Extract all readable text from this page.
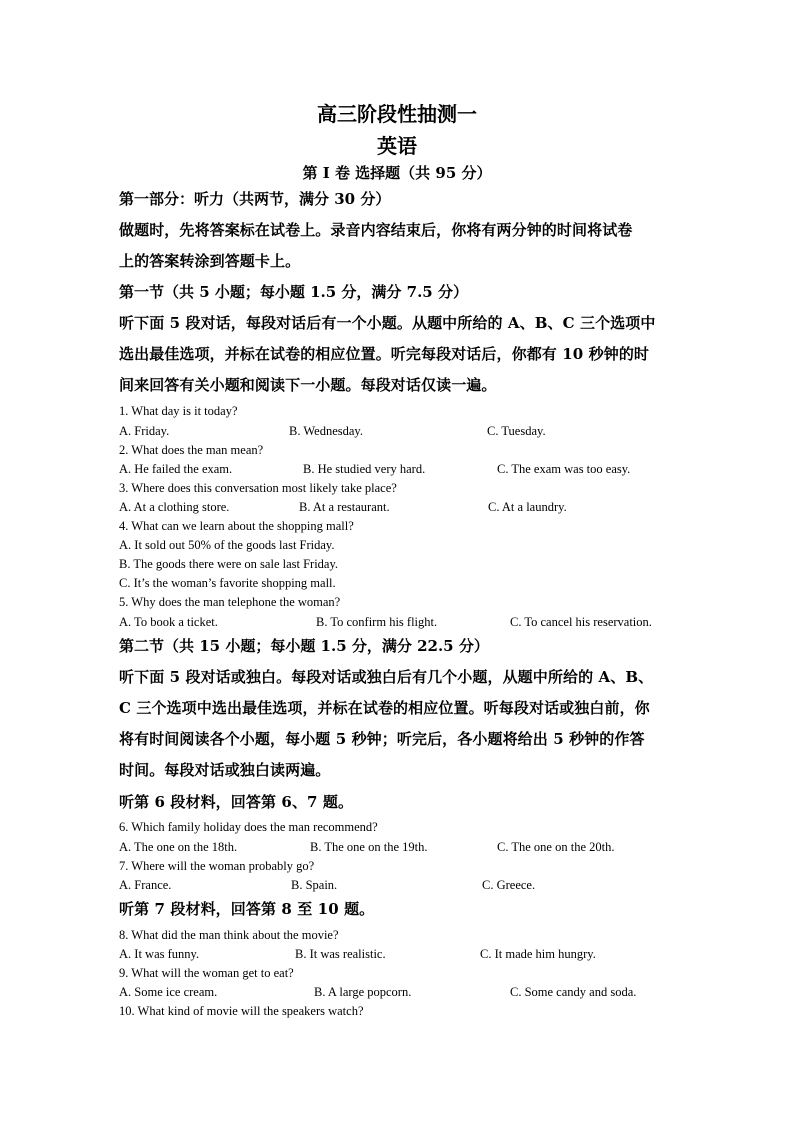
高三阶段性抽测一
英语
第 Ⅰ 卷 选择题（共 95 分）
第一部分：听力（共两节，满分 30 分）
做题时，先将答案标在试卷上。录音内容结束后，你将有两分钟的时间将试卷
上的答案转涂到答题卡上。
第一节（共 5 小题；每小题 1.5 分，满分 7.5 分）
听下面 5 段对话，每段对话后有一个小题。从题中所给的 A、B、C 三个选项中
选出最佳选项，并标在试卷的相应位置。听完每段对话后，你都有 10 秒钟的时
间来回答有关小题和阅读下一小题。每段对话仅读一遍。
1. What day is it today?
A. Friday.	B. Wednesday.	C. Tuesday.
2. What does the man mean?
A. He failed the exam.	B. He studied very hard.	C. The exam was too easy.
3. Where does this conversation most likely take place?
A. At a clothing store.	B. At a restaurant.	C. At a laundry.
4. What can we learn about the shopping mall?
A. It sold out 50% of the goods last Friday.
B. The goods there were on sale last Friday.
C. It’s the woman’s favorite shopping mall.
5. Why does the man telephone the woman?
A. To book a ticket.	B. To confirm his flight.	C. To cancel his reservation.
第二节（共 15 小题；每小题 1.5 分，满分 22.5 分）
听下面 5 段对话或独白。每段对话或独白后有几个小题，从题中所给的 A、B、
C 三个选项中选出最佳选项，并标在试卷的相应位置。听每段对话或独白前，你
将有时间阅读各个小题，每小题 5 秒钟；听完后，各小题将给出 5 秒钟的作答
时间。每段对话或独白读两遍。
听第 6 段材料，回答第 6、7 题。
6. Which family holiday does the man recommend?
A. The one on the 18th.	B. The one on the 19th.	C. The one on the 20th.
7. Where will the woman probably go?
A. France.	B. Spain.	C. Greece.
听第 7 段材料，回答第 8 至 10 题。
8. What did the man think about the movie?
A. It was funny.	B. It was realistic.	C. It made him hungry.
9. What will the woman get to eat?
A. Some ice cream.	B. A large popcorn.	C. Some candy and soda.
10. What kind of movie will the speakers watch?
